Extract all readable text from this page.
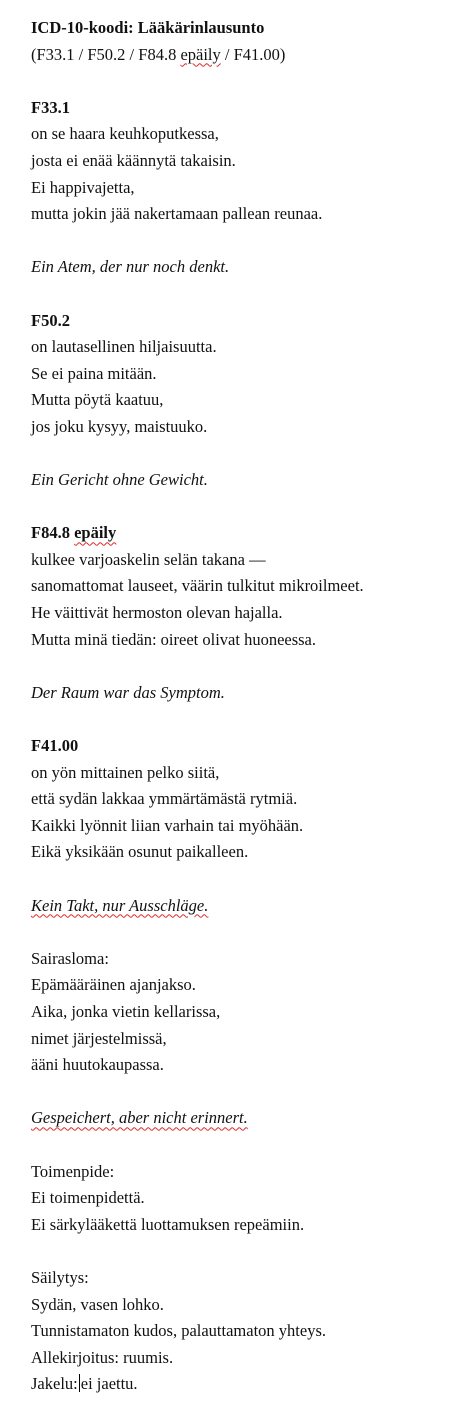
ICD-10-koodi: Lääkärinlausunto
(F33.1 / F50.2 / F84.8 epäily / F41.00)
F33.1
on se haara keuhkoputkessa,
josta ei enää käännytä takaisin.
Ei happivajetta,
mutta jokin jää nakertamaan pallean reunaa.
Ein Atem, der nur noch denkt.
F50.2
on lautasellinen hiljaisuutta.
Se ei paina mitään.
Mutta pöytä kaatuu,
jos joku kysyy, maistuuko.
Ein Gericht ohne Gewicht.
F84.8 epäily
kulkee varjoaskelin selän takana —
sanomattomat lauseet, väärin tulkitut mikroilmeet.
He väittivät hermoston olevan hajalla.
Mutta minä tiedän: oireet olivat huoneessa.
Der Raum war das Symptom.
F41.00
on yön mittainen pelko siitä,
että sydän lakkaa ymmärtämästä rytmiä.
Kaikki lyönnit liian varhain tai myöhään.
Eikä yksikään osunut paikalleen.
Kein Takt, nur Ausschläge.
Sairasloma:
Epämääräinen ajanjakso.
Aika, jonka vietin kellarissa,
nimet järjestelmissä,
ääni huutokaupassa.
Gespeichert, aber nicht erinnert.
Toimenpide:
Ei toimenpidettä.
Ei särkylääkettä luottamuksen repeämiin.
Säilytys:
Sydän, vasen lohko.
Tunnistamaton kudos, palauttamaton yhteys.
Allekirjoitus: ruumis.
Jakelu: ei jaettu.
